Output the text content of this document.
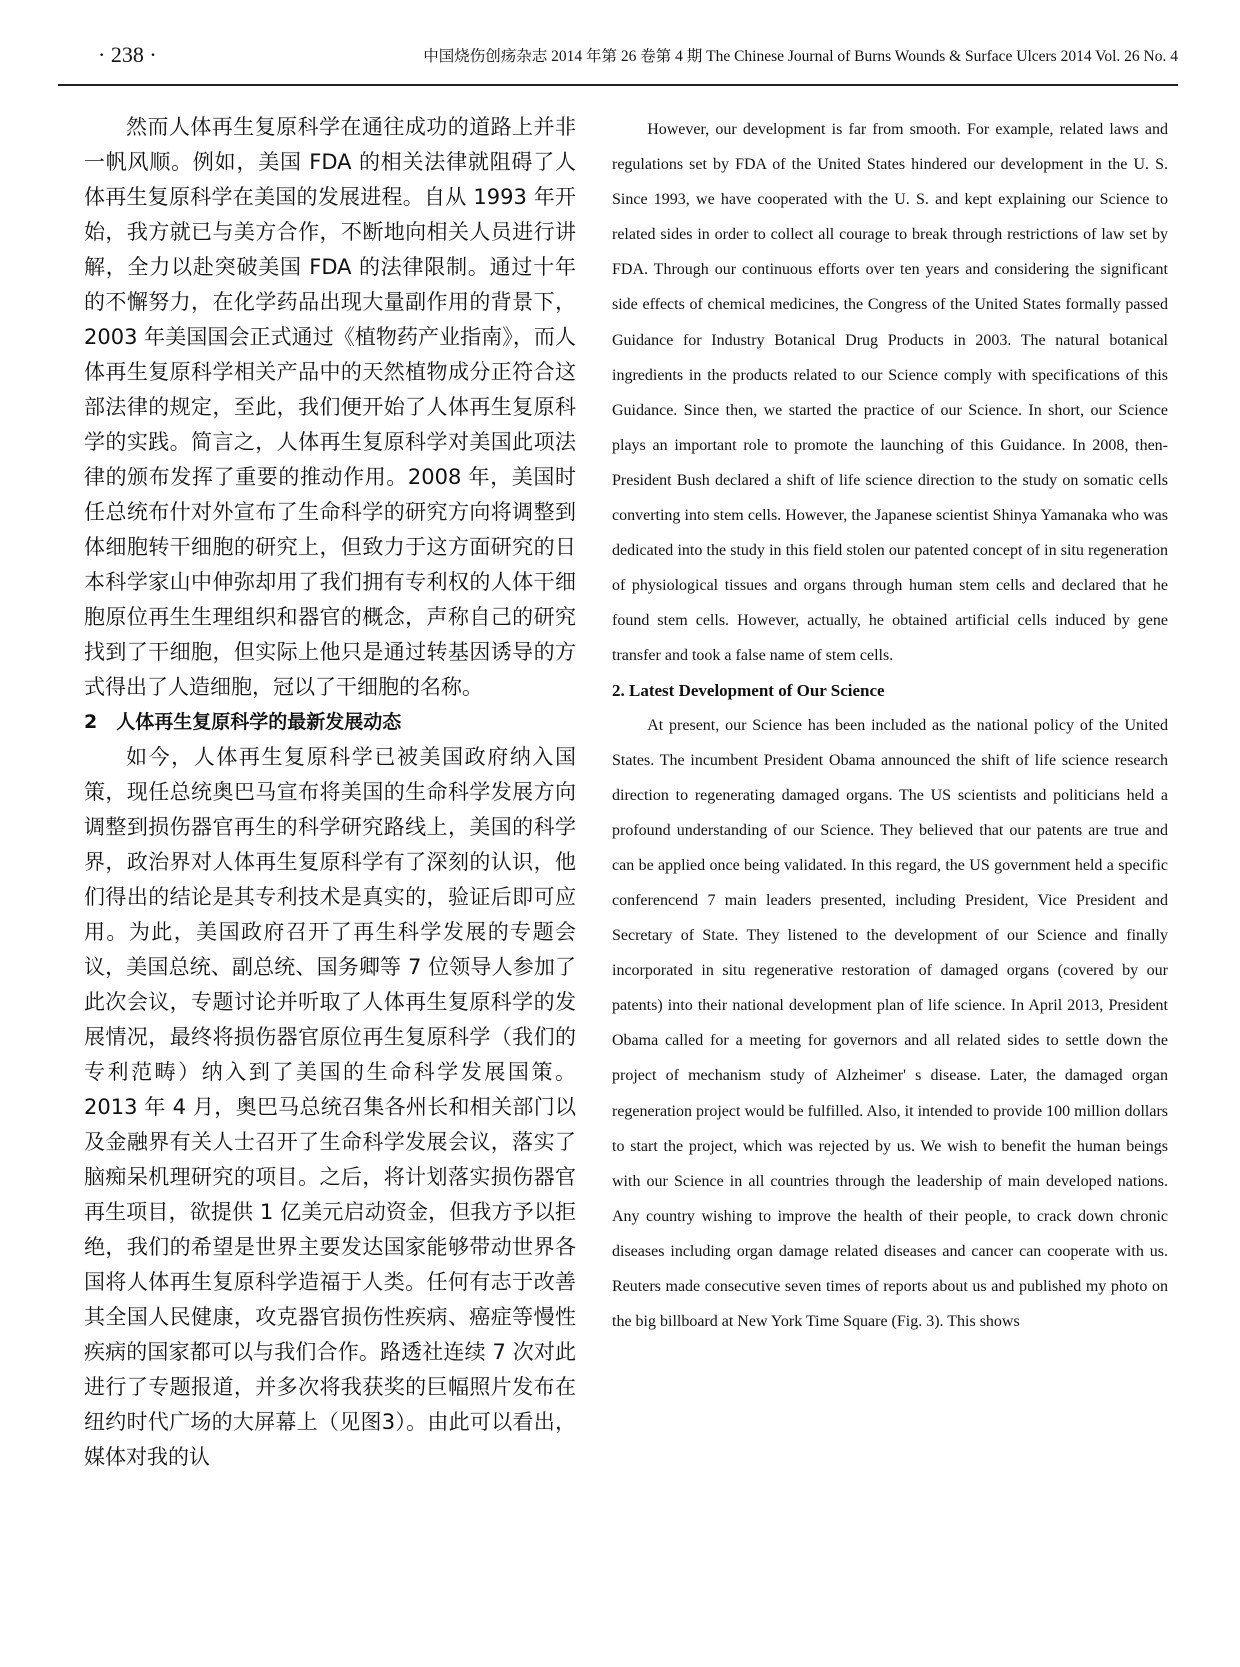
· 238 ·	中国烧伤创疡杂志 2014 年第 26 卷第 4 期 The Chinese Journal of Burns Wounds & Surface Ulcers 2014 Vol. 26 No. 4

然而人体再生复原科学在通往成功的道路上并非一帆风顺。例如，美国 FDA 的相关法律就阻碍了人体再生复原科学在美国的发展进程。自从 1993 年开始，我方就已与美方合作，不断地向相关人员进行讲解，全力以赴突破美国 FDA 的法律限制。通过十年的不懈努力，在化学药品出现大量副作用的背景下，2003 年美国国会正式通过《植物药产业指南》，而人体再生复原科学相关产品中的天然植物成分正符合这部法律的规定，至此，我们便开始了人体再生复原科学的实践。简言之，人体再生复原科学对美国此项法律的颁布发挥了重要的推动作用。2008 年，美国时任总统布什对外宣布了生命科学的研究方向将调整到体细胞转干细胞的研究上，但致力于这方面研究的日本科学家山中伸弥却用了我们拥有专利权的人体干细胞原位再生生理组织和器官的概念，声称自己的研究找到了干细胞，但实际上他只是通过转基因诱导的方式得出了人造细胞，冠以了干细胞的名称。

2　人体再生复原科学的最新发展动态

如今，人体再生复原科学已被美国政府纳入国策，现任总统奥巴马宣布将美国的生命科学发展方向调整到损伤器官再生的科学研究路线上，美国的科学界，政治界对人体再生复原科学有了深刻的认识，他们得出的结论是其专利技术是真实的，验证后即可应用。为此，美国政府召开了再生科学发展的专题会议，美国总统、副总统、国务卿等 7 位领导人参加了此次会议，专题讨论并听取了人体再生复原科学的发展情况，最终将损伤器官原位再生复原科学（我们的专利范畴）纳入到了美国的生命科学发展国策。2013 年 4 月，奥巴马总统召集各州长和相关部门以及金融界有关人士召开了生命科学发展会议，落实了脑痴呆机理研究的项目。之后，将计划落实损伤器官再生项目，欲提供 1 亿美元启动资金，但我方予以拒绝，我们的希望是世界主要发达国家能够带动世界各国将人体再生复原科学造福于人类。任何有志于改善其全国人民健康，攻克器官损伤性疾病、癌症等慢性疾病的国家都可以与我们合作。路透社连续 7 次对此进行了专题报道，并多次将我获奖的巨幅照片发布在纽约时代广场的大屏幕上（见图3）。由此可以看出，媒体对我的认

However, our development is far from smooth. For example, related laws and regulations set by FDA of the United States hindered our development in the U. S. Since 1993, we have cooperated with the U. S. and kept explaining our Science to related sides in order to collect all courage to break through restrictions of law set by FDA. Through our continuous efforts over ten years and considering the significant side effects of chemical medicines, the Congress of the United States formally passed Guidance for Industry Botanical Drug Products in 2003. The natural botanical ingredients in the products related to our Science comply with specifications of this Guidance. Since then, we started the practice of our Science. In short, our Science plays an important role to promote the launching of this Guidance. In 2008, then-President Bush declared a shift of life science direction to the study on somatic cells converting into stem cells. However, the Japanese scientist Shinya Yamanaka who was dedicated into the study in this field stolen our patented concept of in situ regeneration of physiological tissues and organs through human stem cells and declared that he found stem cells. However, actually, he obtained artificial cells induced by gene transfer and took a false name of stem cells.

2. Latest Development of Our Science

At present, our Science has been included as the national policy of the United States. The incumbent President Obama announced the shift of life science research direction to regenerating damaged organs. The US scientists and politicians held a profound understanding of our Science. They believed that our patents are true and can be applied once being validated. In this regard, the US government held a specific conferencend 7 main leaders presented, including President, Vice President and Secretary of State. They listened to the development of our Science and finally incorporated in situ regenerative restoration of damaged organs (covered by our patents) into their national development plan of life science. In April 2013, President Obama called for a meeting for governors and all related sides to settle down the project of mechanism study of Alzheimer' s disease. Later, the damaged organ regeneration project would be fulfilled. Also, it intended to provide 100 million dollars to start the project, which was rejected by us. We wish to benefit the human beings with our Science in all countries through the leadership of main developed nations. Any country wishing to improve the health of their people, to crack down chronic diseases including organ damage related diseases and cancer can cooperate with us. Reuters made consecutive seven times of reports about us and published my photo on the big billboard at New York Time Square (Fig. 3). This shows
